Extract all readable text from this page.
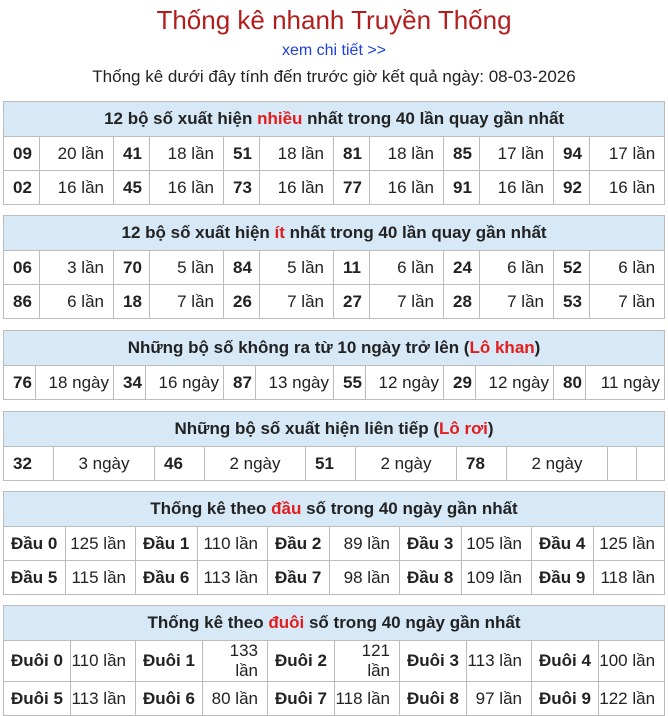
Thống kê nhanh Truyền Thống
xem chi tiết >>
Thống kê dưới đây tính đến trước giờ kết quả ngày: 08-03-2026
12 bộ số xuất hiện nhiều nhất trong 40 lần quay gần nhất											
09	20 lần	41	18 lần	51	18 lần	81	18 lần	85	17 lần	94	17 lần
02	16 lần	45	16 lần	73	16 lần	77	16 lần	91	16 lần	92	16 lần
12 bộ số xuất hiện ít nhất trong 40 lần quay gần nhất											
06	3 lần	70	5 lần	84	5 lần	11	6 lần	24	6 lần	52	6 lần
86	6 lần	18	7 lần	26	7 lần	27	7 lần	28	7 lần	53	7 lần
Những bộ số không ra từ 10 ngày trở lên (Lô khan)
76	18 ngày	34	16 ngày	87	13 ngày	55	12 ngày	29	12 ngày	80	11 ngày
Những bộ số xuất hiện liên tiếp (Lô rơi)
32	3 ngày	46	2 ngày	51	2 ngày	78	2 ngày		
Thống kê theo đầu số trong 40 ngày gần nhất									
Đầu 0	125 lần	Đầu 1	110 lần	Đầu 2	89 lần	Đầu 3	105 lần	Đầu 4	125 lần
Đầu 5	115 lần	Đầu 6	113 lần	Đầu 7	98 lần	Đầu 8	109 lần	Đầu 9	118 lần
Thống kê theo đuôi số trong 40 ngày gần nhất									
Đuôi 0	110 lần	Đuôi 1	133 lần	Đuôi 2	121 lần	Đuôi 3	113 lần	Đuôi 4	100 lần
Đuôi 5	113 lần	Đuôi 6	80 lần	Đuôi 7	118 lần	Đuôi 8	97 lần	Đuôi 9	122 lần
